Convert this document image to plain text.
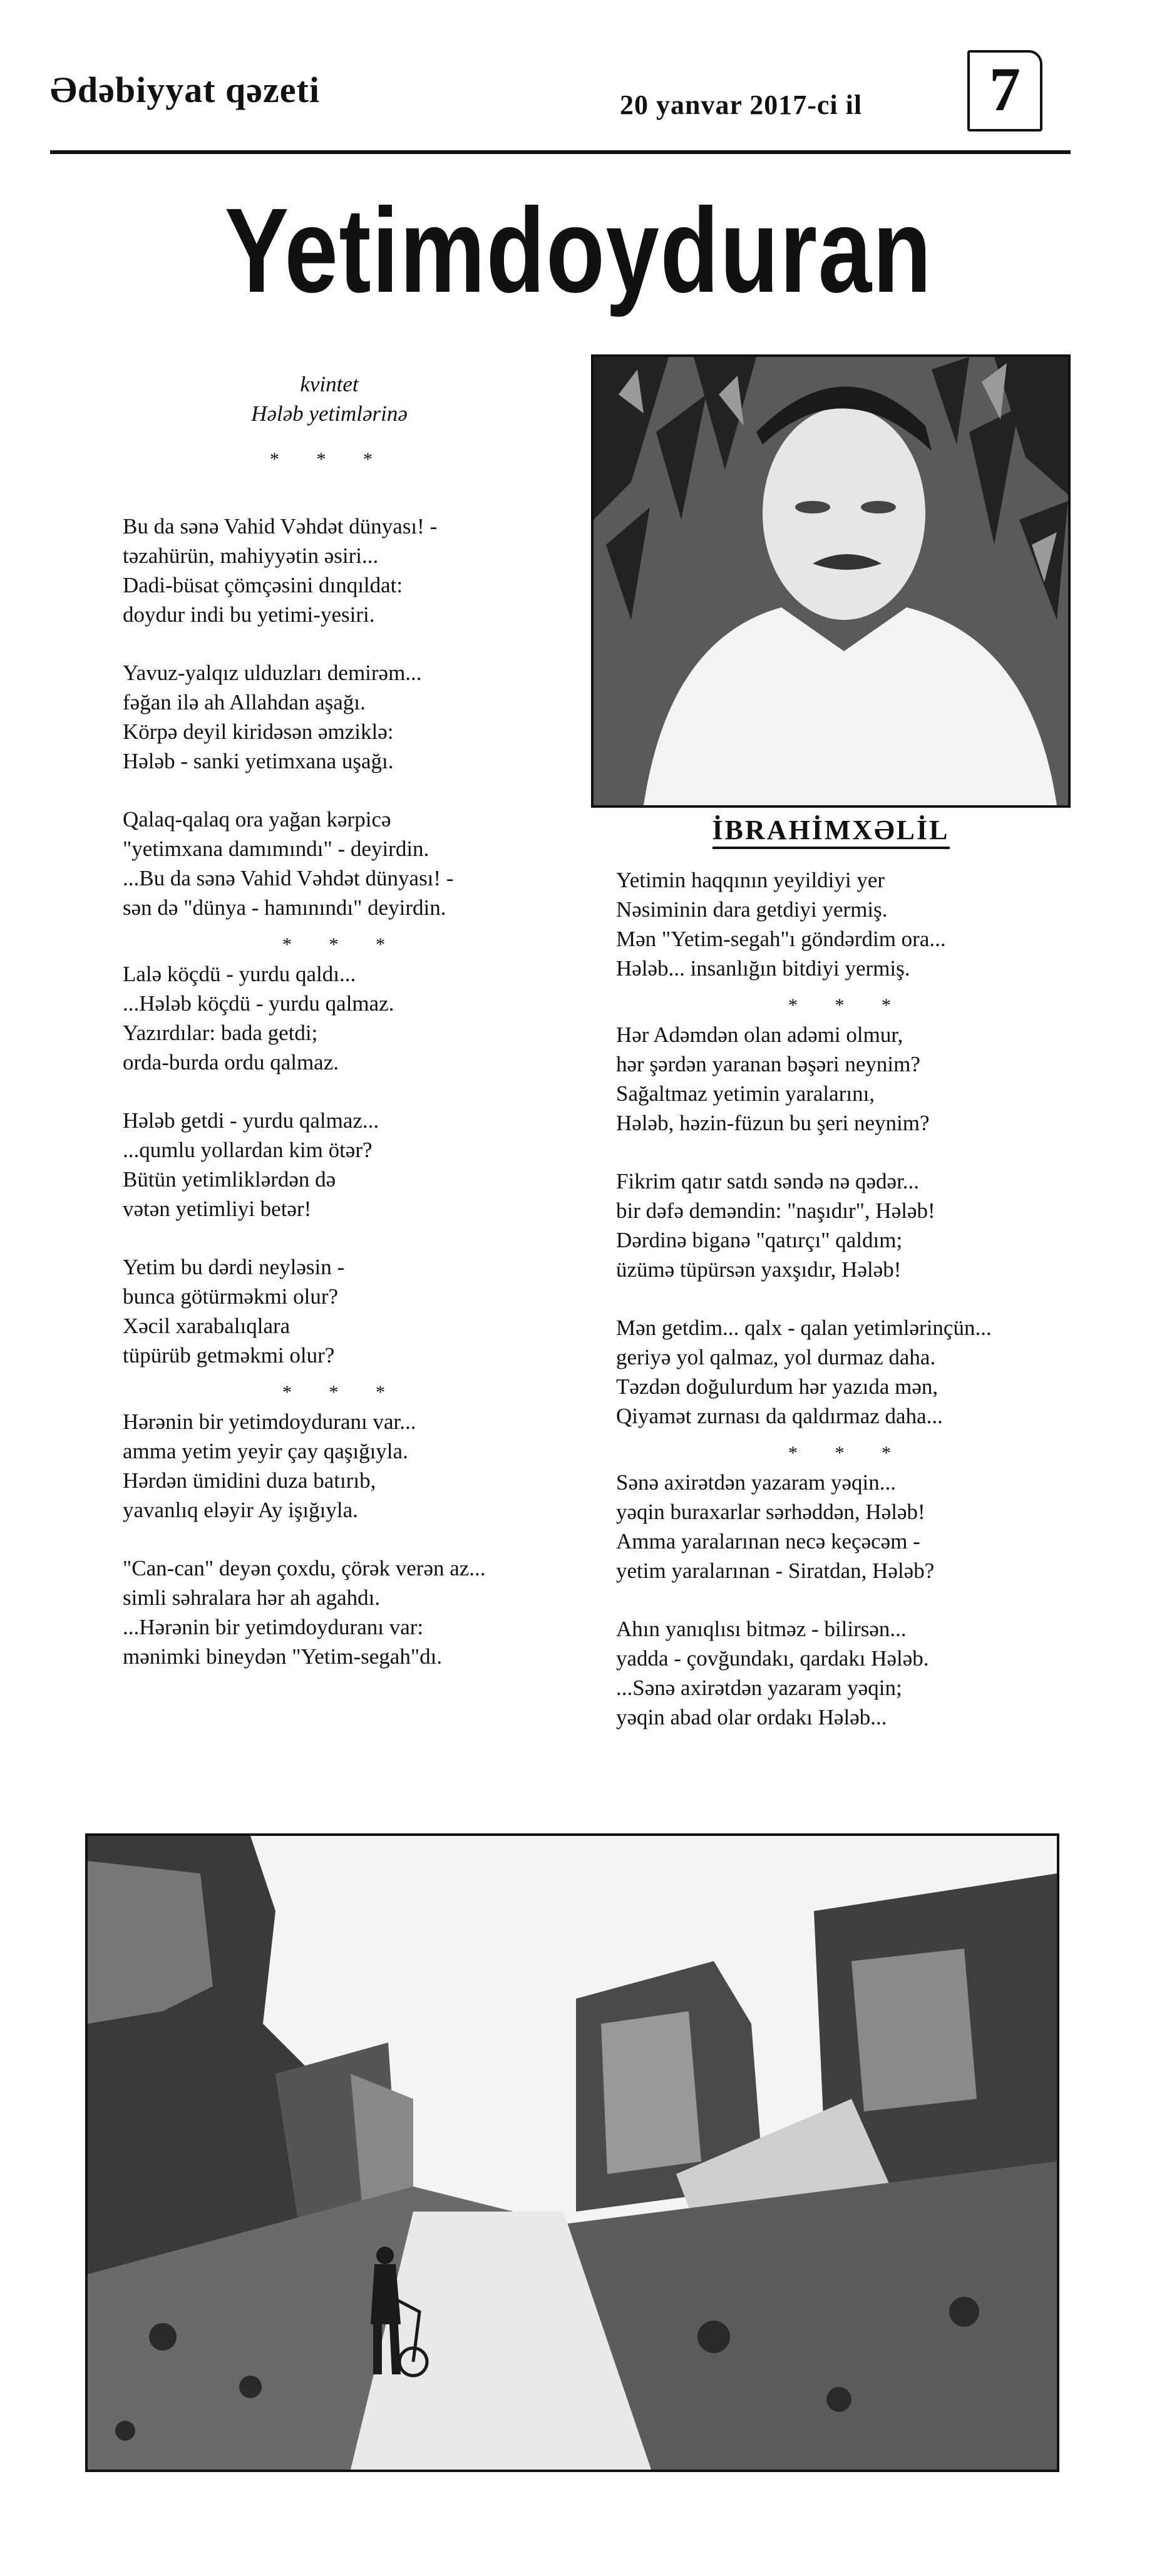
Ədəbiyyat qəzeti	20 yanvar 2017-ci il	7
Yetimdoyduran

kvintet

Hələb yetimlərinə

* * *

Bu da sənə Vahid Vəhdət dünyası! -

təzahürün, mahiyyətin əsiri...

Dadi-büsat çömçəsini dınqıldat:

doydur indi bu yetimi-yesiri.

Yavuz-yalqız ulduzları demirəm...

fəğan ilə ah Allahdan aşağı.

Körpə deyil kiridəsən əmziklə:

Hələb - sanki yetimxana uşağı.

Qalaq-qalaq ora yağan kərpicə

"yetimxana damımındı" - deyirdin.

...Bu da sənə Vahid Vəhdət dünyası! -

sən də "dünya - hamınındı" deyirdin.

* * *

Lalə köçdü - yurdu qaldı...

...Hələb köçdü - yurdu qalmaz.

Yazırdılar: bada getdi;

orda-burda ordu qalmaz.

Hələb getdi - yurdu qalmaz...

...qumlu yollardan kim ötər?

Bütün yetimliklərdən də

vətən yetimliyi betər!

Yetim bu dərdi neyləsin -

bunca götürməkmi olur?

Xəcil xarabalıqlara

tüpürüb getməkmi olur?

* * *

Hərənin bir yetimdoyduranı var...

amma yetim yeyir çay qaşığıyla.

Hərdən ümidini duza batırıb,

yavanlıq eləyir Ay işığıyla.

"Can-can" deyən çoxdu, çörək verən az...

simli səhralara hər ah agahdı.

...Hərənin bir yetimdoyduranı var:

mənimki bineydən "Yetim-segah"dı.

İBRAHİMXƏLİL

Yetimin haqqının yeyildiyi yer

Nəsiminin dara getdiyi yermiş.

Mən "Yetim-segah"ı göndərdim ora...

Hələb... insanlığın bitdiyi yermiş.

* * *

Hər Adəmdən olan adəmi olmur,

hər şərdən yaranan bəşəri neynim?

Sağaltmaz yetimin yaralarını,

Hələb, həzin-füzun bu şeri neynim?

Fikrim qatır satdı səndə nə qədər...

bir dəfə deməndin: "naşıdır", Hələb!

Dərdinə biganə "qatırçı" qaldım;

üzümə tüpürsən yaxşıdır, Hələb!

Mən getdim... qalx - qalan yetimlərinçün...

geriyə yol qalmaz, yol durmaz daha.

Təzdən doğulurdum hər yazıda mən,

Qiyamət zurnası da qaldırmaz daha...

* * *

Sənə axirətdən yazaram yəqin...

yəqin buraxarlar sərhəddən, Hələb!

Amma yaralarınan necə keçəcəm -

yetim yaralarınan - Siratdan, Hələb?

Ahın yanıqlısı bitməz - bilirsən...

yadda - çovğundakı, qardakı Hələb.

...Sənə axirətdən yazaram yəqin;

yəqin abad olar ordakı Hələb...
